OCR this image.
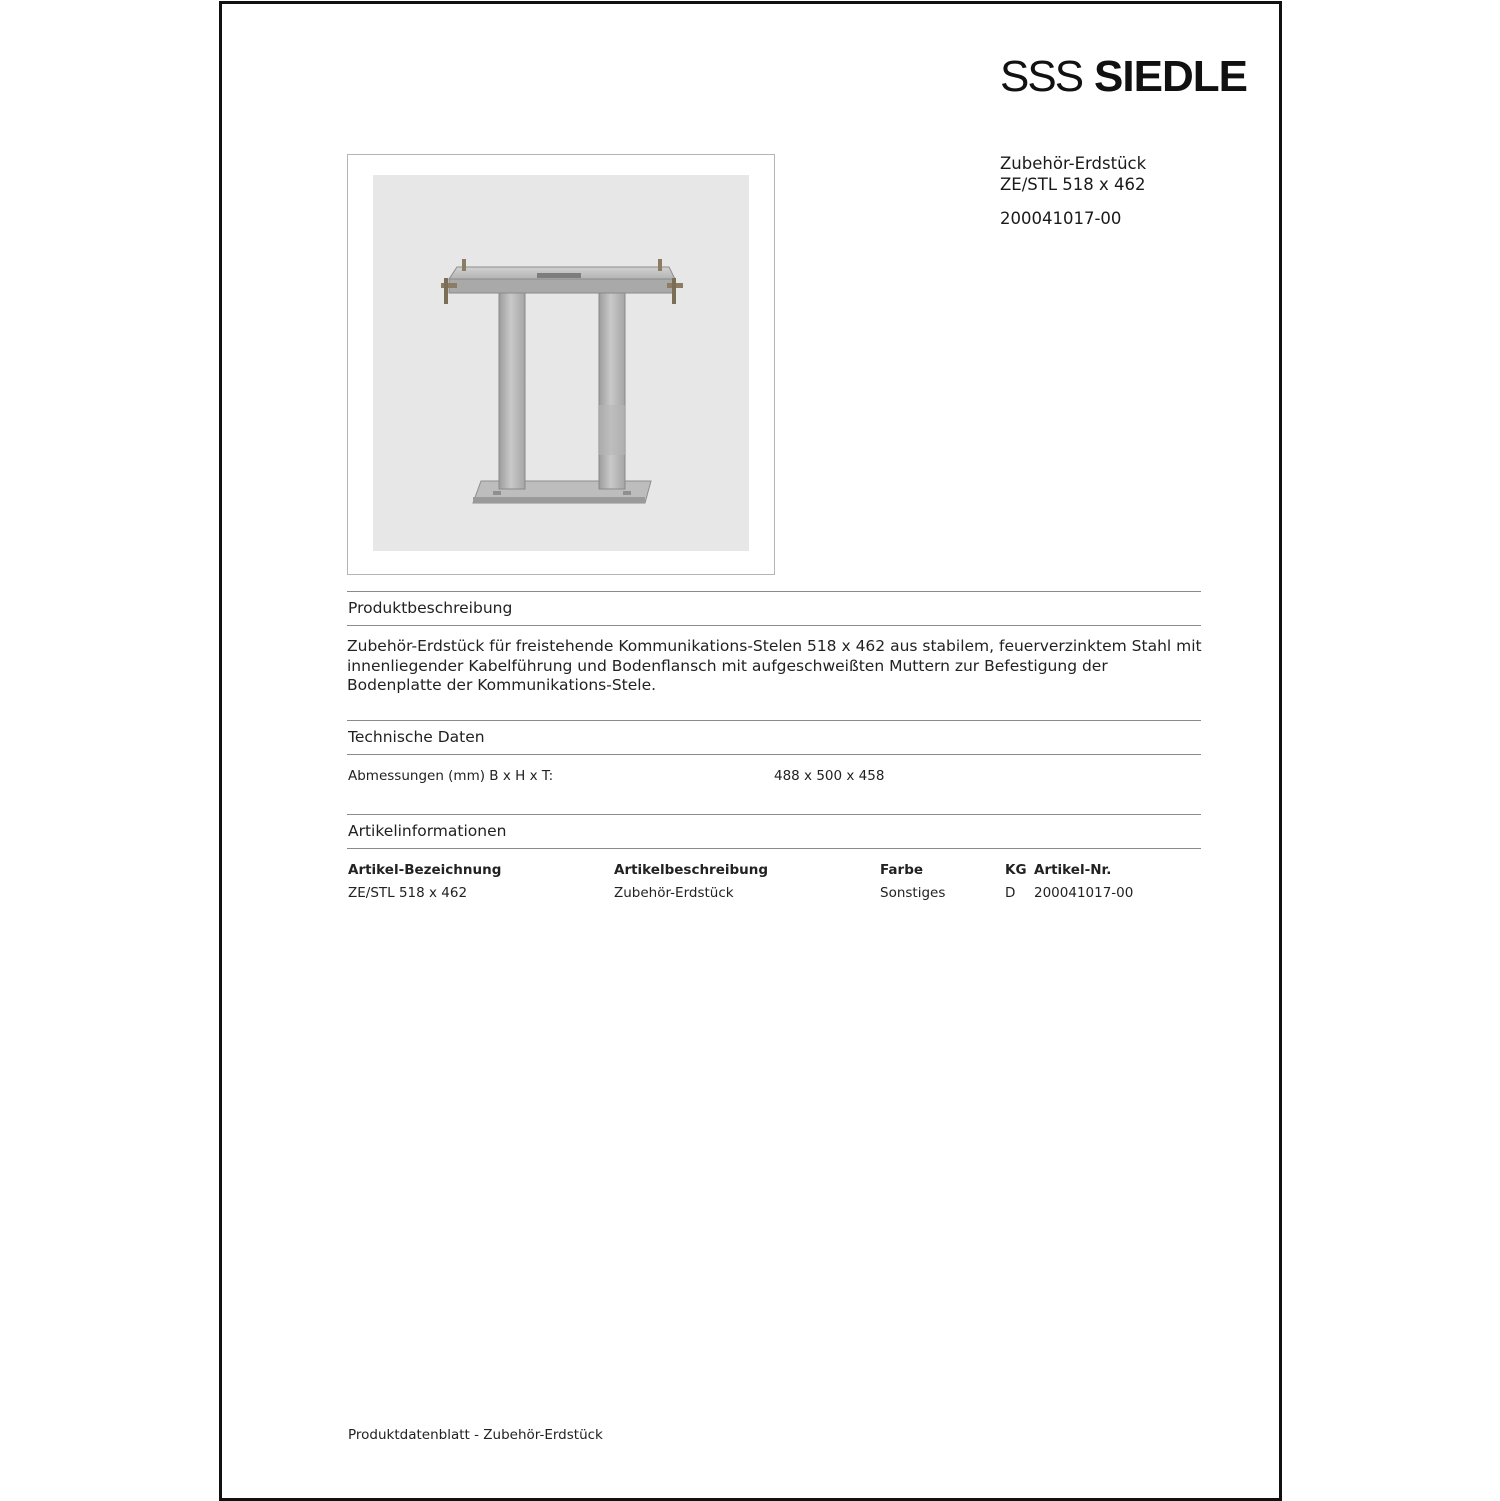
SSS SIEDLE
Zubehör-Erdstück
ZE/STL 518 x 462
200041017-00
Produktbeschreibung
Zubehör-Erdstück für freistehende Kommunikations-Stelen 518 x 462 aus stabilem, feuerverzinktem Stahl mit innenliegender Kabelführung und Bodenflansch mit aufgeschweißten Muttern zur Befestigung der Bodenplatte der Kommunikations-Stele.
Technische Daten
Abmessungen (mm) B x H x T:	488 x 500 x 458
Artikelinformationen
Artikel-Bezeichnung
ZE/STL 518 x 462
Artikelbeschreibung
Zubehör-Erdstück
Farbe
Sonstiges
KG
D
Artikel-Nr.
200041017-00
Produktdatenblatt - Zubehör-Erdstück
